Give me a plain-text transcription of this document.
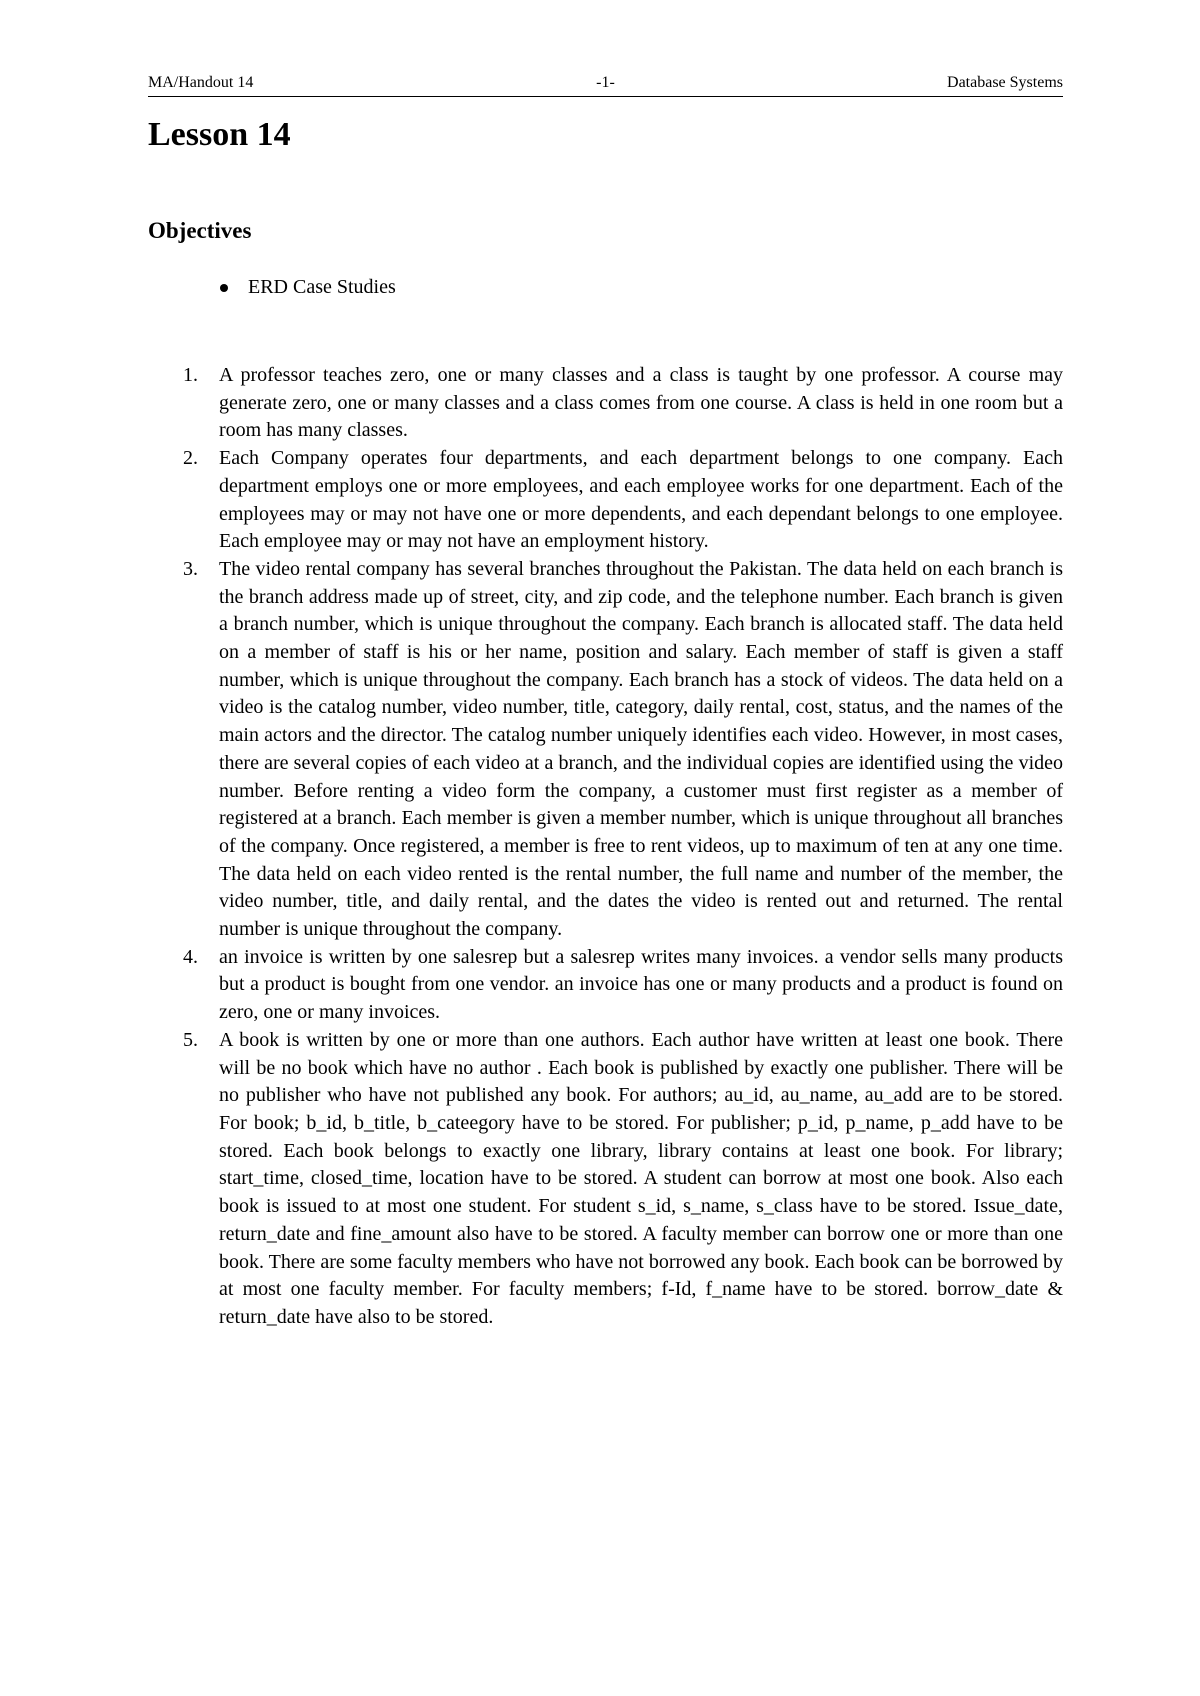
MA/Handout 14	-1-	Database Systems
Lesson 14
Objectives
ERD Case Studies
1. A professor teaches zero, one or many classes and a class is taught by one professor. A course may generate zero, one or many classes and a class comes from one course. A class is held in one room but a room has many classes.
2. Each Company operates four departments, and each department belongs to one company. Each department employs one or more employees, and each employee works for one department. Each of the employees may or may not have one or more dependents, and each dependant belongs to one employee. Each employee may or may not have an employment history.
3. The video rental company has several branches throughout the Pakistan. The data held on each branch is the branch address made up of street, city, and zip code, and the telephone number. Each branch is given a branch number, which is unique throughout the company. Each branch is allocated staff. The data held on a member of staff is his or her name, position and salary. Each member of staff is given a staff number, which is unique throughout the company. Each branch has a stock of videos. The data held on a video is the catalog number, video number, title, category, daily rental, cost, status, and the names of the main actors and the director. The catalog number uniquely identifies each video. However, in most cases, there are several copies of each video at a branch, and the individual copies are identified using the video number. Before renting a video form the company, a customer must first register as a member of registered at a branch. Each member is given a member number, which is unique throughout all branches of the company. Once registered, a member is free to rent videos, up to maximum of ten at any one time. The data held on each video rented is the rental number, the full name and number of the member, the video number, title, and daily rental, and the dates the video is rented out and returned. The rental number is unique throughout the company.
4. an invoice is written by one salesrep but a salesrep writes many invoices. a vendor sells many products but a product is bought from one vendor. an invoice has one or many products and a product is found on zero, one or many invoices.
5. A book is written by one or more than one authors. Each author have written at least one book. There will be no book which have no author . Each book is published by exactly one publisher. There will be no publisher who have not published any book. For authors; au_id, au_name, au_add are to be stored. For book; b_id, b_title, b_cateegory have to be stored. For publisher; p_id, p_name, p_add have to be stored. Each book belongs to exactly one library, library contains at least one book. For library; start_time, closed_time, location have to be stored. A student can borrow at most one book. Also each book is issued to at most one student. For student s_id, s_name, s_class have to be stored. Issue_date, return_date and fine_amount also have to be stored. A faculty member can borrow one or more than one book. There are some faculty members who have not borrowed any book. Each book can be borrowed by at most one faculty member. For faculty members; f-Id, f_name have to be stored. borrow_date & return_date have also to be stored.
